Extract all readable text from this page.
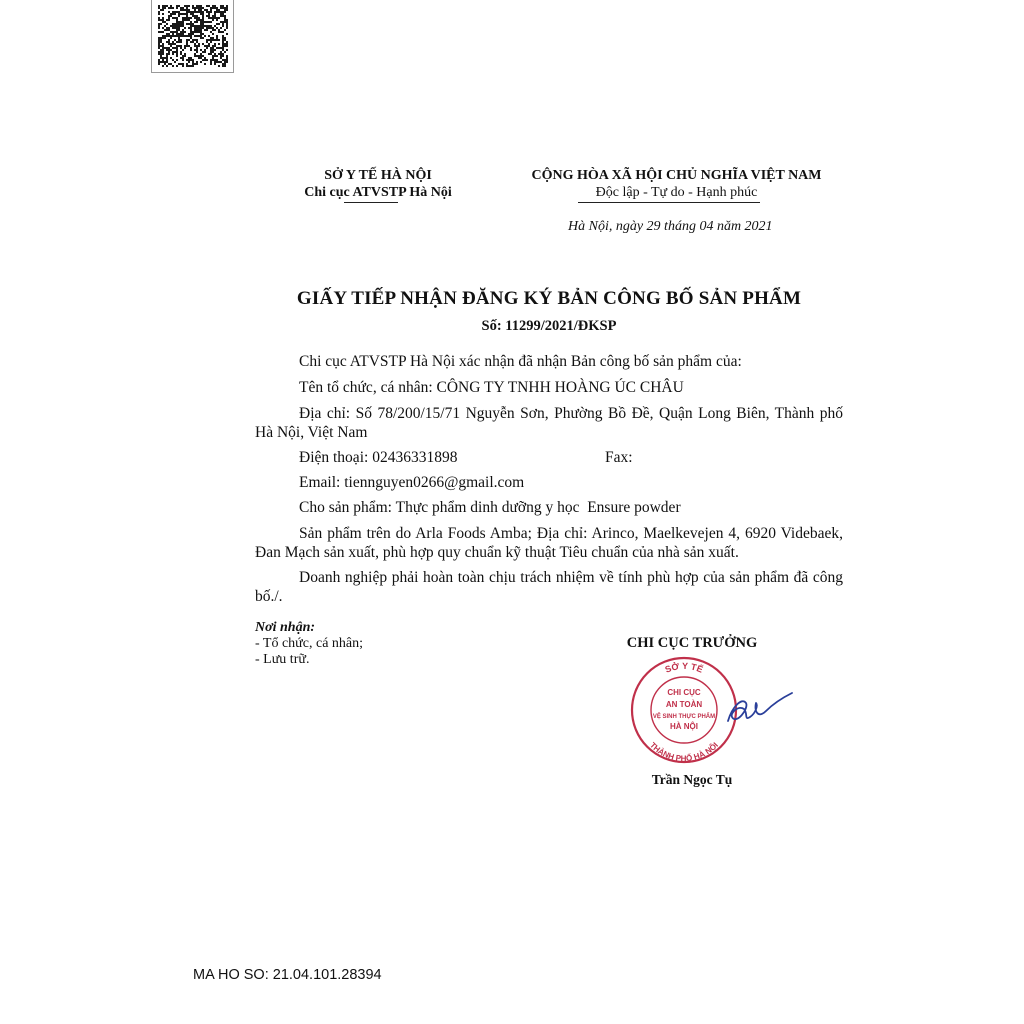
SỞ Y TẾ HÀ NỘI
Chi cục ATVSTP Hà Nội
CỘNG HÒA XÃ HỘI CHỦ NGHĨA VIỆT NAM
Độc lập - Tự do - Hạnh phúc
Hà Nội, ngày 29 tháng 04 năm 2021
GIẤY TIẾP NHẬN ĐĂNG KÝ BẢN CÔNG BỐ SẢN PHẨM
Số: 11299/2021/ĐKSP
Chi cục ATVSTP Hà Nội xác nhận đã nhận Bản công bố sản phẩm của:
Tên tổ chức, cá nhân: CÔNG TY TNHH HOÀNG ÚC CHÂU
Địa chỉ: Số 78/200/15/71 Nguyễn Sơn, Phường Bồ Đề, Quận Long Biên, Thành phố
Hà Nội, Việt Nam
Điện thoại: 02436331898	Fax:
Email: tiennguyen0266@gmail.com
Cho sản phẩm: Thực phẩm dinh dưỡng y học  Ensure powder
Sản phẩm trên do Arla Foods Amba; Địa chỉ: Arinco, Maelkevejen 4, 6920 Videbaek,
Đan Mạch sản xuất, phù hợp quy chuẩn kỹ thuật Tiêu chuẩn của nhà sản xuất.
Doanh nghiệp phải hoàn toàn chịu trách nhiệm về tính phù hợp của sản phẩm đã công
bố./.
Nơi nhận:
- Tổ chức, cá nhân;
- Lưu trữ.
CHI CỤC TRƯỞNG
SỞ Y TẾ
THÀNH PHỐ HÀ NỘI
CHI CỤC
AN TOÀN
VỆ SINH THỰC PHẨM
HÀ NỘI
Trần Ngọc Tụ
MA HO SO: 21.04.101.28394
